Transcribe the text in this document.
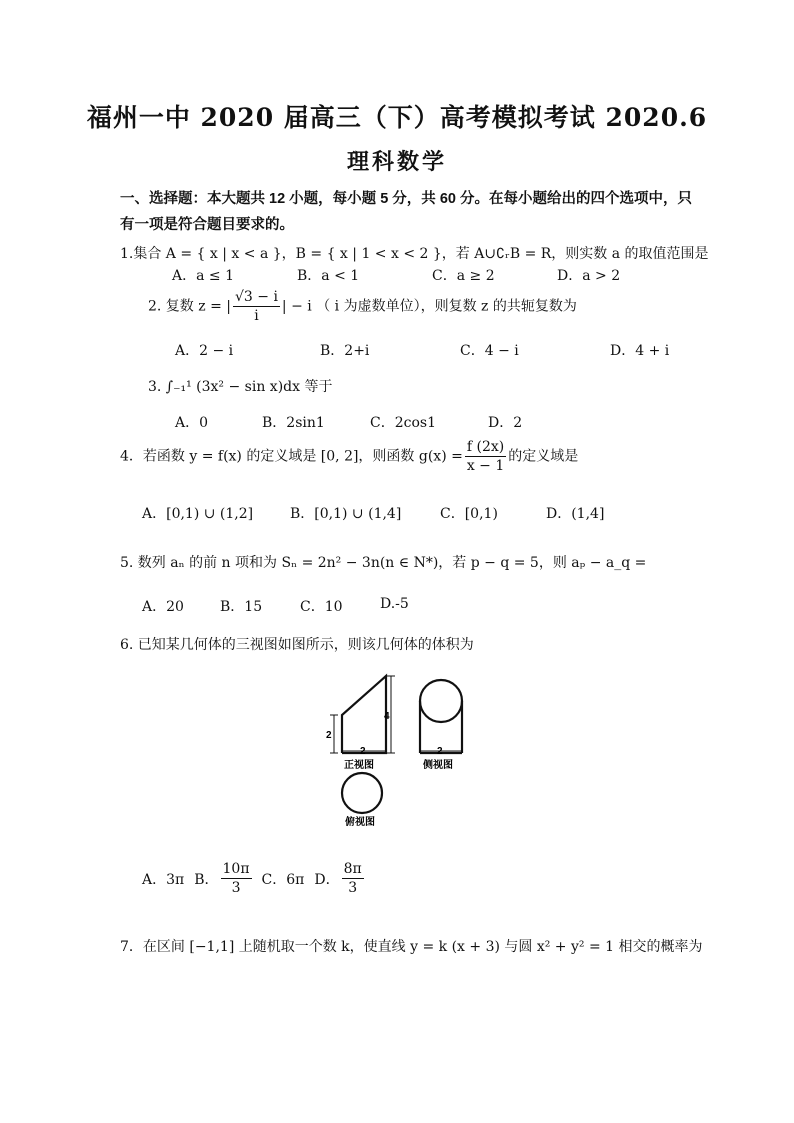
福州一中 2020 届高三（下）高考模拟考试 2020.6
理科数学
一、选择题：本大题共 12 小题，每小题 5 分，共 60 分。在每小题给出的四个选项中，只
有一项是符合题目要求的。
1.集合 A = { x | x < a }，B = { x | 1 < x < 2 }，若 A∪∁ᵣB = R，则实数 a 的取值范围是
A．a ≤ 1	B．a < 1	C．a ≥ 2	D．a > 2
2. 复数 z = | $\frac{√3 - i}{i}$ | − i （ i 为虚数单位），则复数 z 的共轭复数为
A．2 − i	B．2+i	C．4 − i	D．4 + i
3. ∫₋₁¹ (3x² − sin x)dx 等于
A．0	B．2sin1	C．2cos1	D．2
4．若函数 y = f(x) 的定义域是 [0, 2]，则函数 $g(x) = \frac{f (2x)}{x - 1}$ 的定义域是
A．[0,1) ∪ (1,2]	B．[0,1) ∪ (1,4]	C．[0,1)	D．(1,4]
5. 数列 aₙ 的前 n 项和为 Sₙ = 2n² − 3n(n ∈ N*)，若 p − q = 5，则 aₚ − a_q =
A．20	B．15	C．10	D.-5
6. 已知某几何体的三视图如图所示，则该几何体的体积为
2
4
2
正视图
2
侧视图
俯视图
A．3π B． $\frac{10\pi}{3}$ C．6π D． $\frac{8\pi}{3}$
7．在区间 [−1,1] 上随机取一个数 k，使直线 y = k (x + 3) 与圆 x² + y² = 1 相交的概率为
